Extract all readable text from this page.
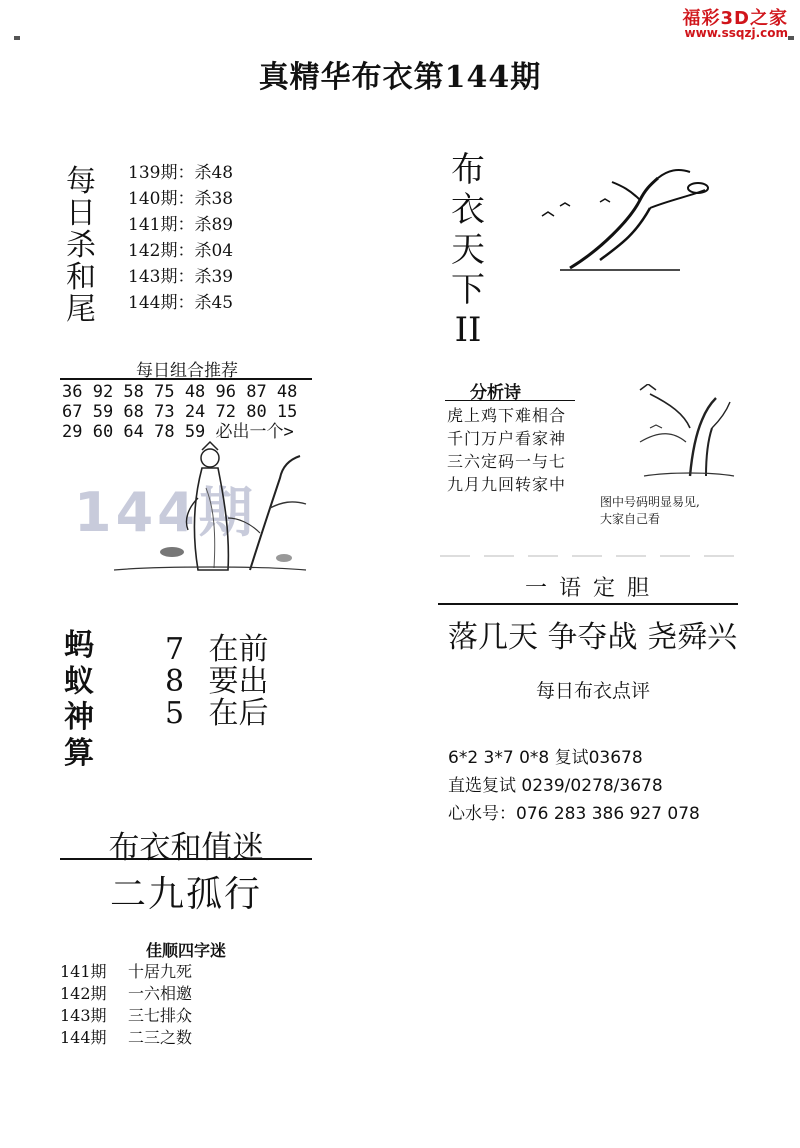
福彩3D之家
www.ssqzj.com
真精华布衣第144期
每
日
杀
和
尾
139期：杀48
140期：杀38
141期：杀89
142期：杀04
143期：杀39
144期：杀45
布
衣
天
下
II
每日组合推荐
36 92 58 75 48 96 87 48
67 59 68 73 24 72 80 15
29 60 64 78 59 必出一个>
144期
分析诗
虎上鸡下难相合
千门万户看家神
三六定码一与七
九月九回转家中
图中号码明显易见,
大家自己看
蚂
蚁
神
算
7 在前
8 要出
5 在后
一语定胆
落几天 争夺战 尧舜兴
每日布衣点评
6*2 3*7 0*8 复试03678
直选复试 0239/0278/3678
心水号：076 283 386 927 078
布衣和值迷
二九孤行
佳顺四字迷
141期 十居九死
142期 一六相邀
143期 三七排众
144期 二三之数
